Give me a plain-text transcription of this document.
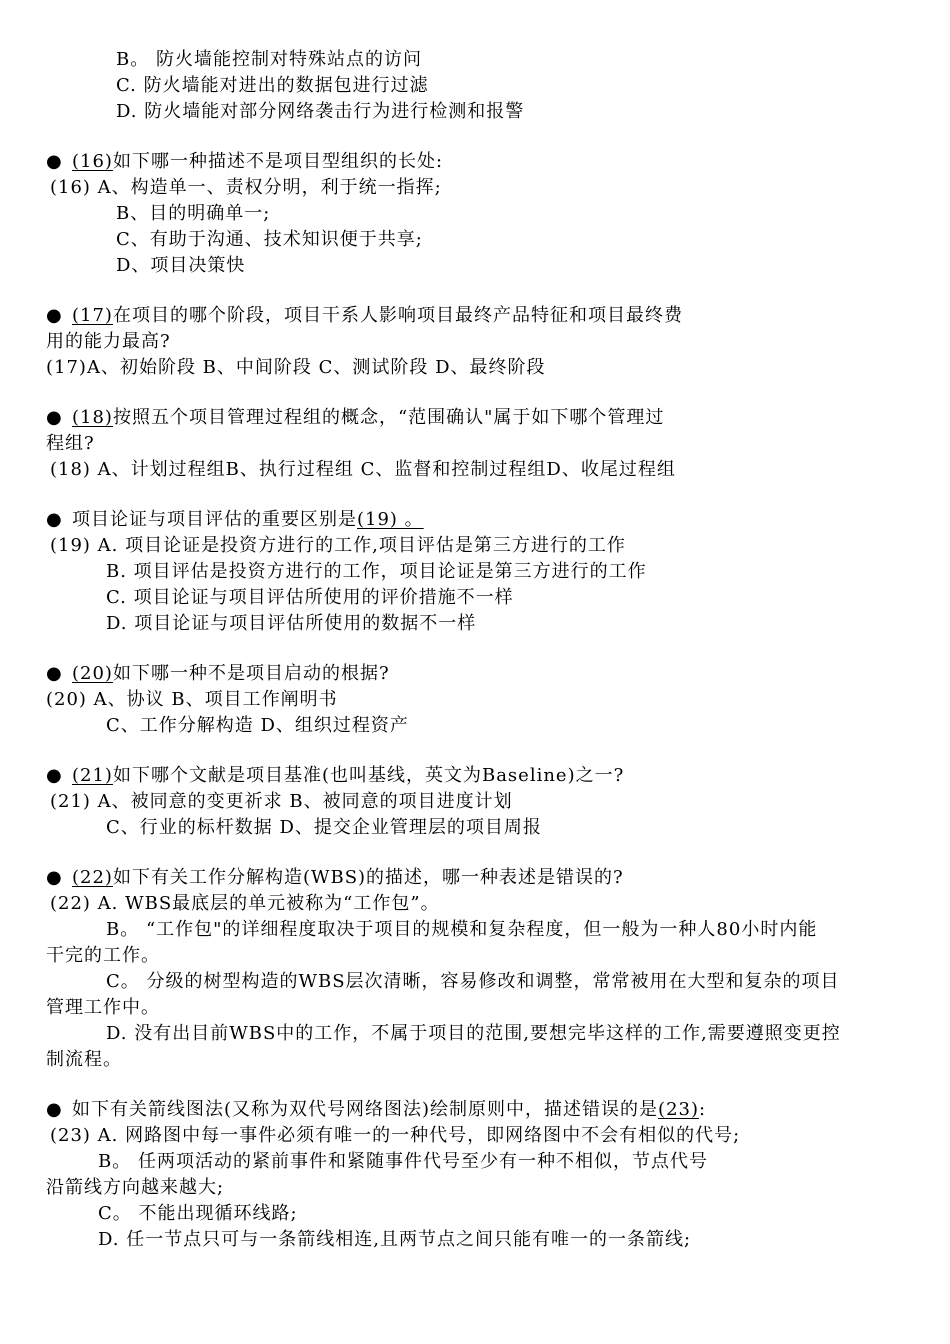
B。 防火墙能控制对特殊站点的访问
C. 防火墙能对进出的数据包进行过滤
D. 防火墙能对部分网络袭击行为进行检测和报警
● (16)如下哪一种描述不是项目型组织的长处:
(16) A、构造单一、责权分明，利于统一指挥;
B、目的明确单一;
C、有助于沟通、技术知识便于共享;
D、项目决策快
● (17)在项目的哪个阶段，项目干系人影响项目最终产品特征和项目最终费
用的能力最高?
(17)A、初始阶段 B、中间阶段 C、测试阶段 D、最终阶段
● (18)按照五个项目管理过程组的概念，“范围确认"属于如下哪个管理过
程组?
(18) A、计划过程组B、执行过程组 C、监督和控制过程组D、收尾过程组
● 项目论证与项目评估的重要区别是(19) 。
(19) A. 项目论证是投资方进行的工作,项目评估是第三方进行的工作
B. 项目评估是投资方进行的工作，项目论证是第三方进行的工作
C. 项目论证与项目评估所使用的评价措施不一样
D. 项目论证与项目评估所使用的数据不一样
● (20)如下哪一种不是项目启动的根据?
(20) A、协议 B、项目工作阐明书
C、工作分解构造 D、组织过程资产
● (21)如下哪个文献是项目基准(也叫基线，英文为Baseline)之一?
(21) A、被同意的变更祈求 B、被同意的项目进度计划
C、行业的标杆数据 D、提交企业管理层的项目周报
● (22)如下有关工作分解构造(WBS)的描述，哪一种表述是错误的?
(22) A. WBS最底层的单元被称为“工作包”。
B。 “工作包"的详细程度取决于项目的规模和复杂程度，但一般为一种人80小时内能
干完的工作。
C。 分级的树型构造的WBS层次清晰，容易修改和调整，常常被用在大型和复杂的项目
管理工作中。
D. 没有出目前WBS中的工作，不属于项目的范围,要想完毕这样的工作,需要遵照变更控
制流程。
● 如下有关箭线图法(又称为双代号网络图法)绘制原则中，描述错误的是(23):
(23) A. 网路图中每一事件必须有唯一的一种代号，即网络图中不会有相似的代号;
B。 任两项活动的紧前事件和紧随事件代号至少有一种不相似，节点代号
沿箭线方向越来越大;
C。 不能出现循环线路;
D. 任一节点只可与一条箭线相连,且两节点之间只能有唯一的一条箭线;
